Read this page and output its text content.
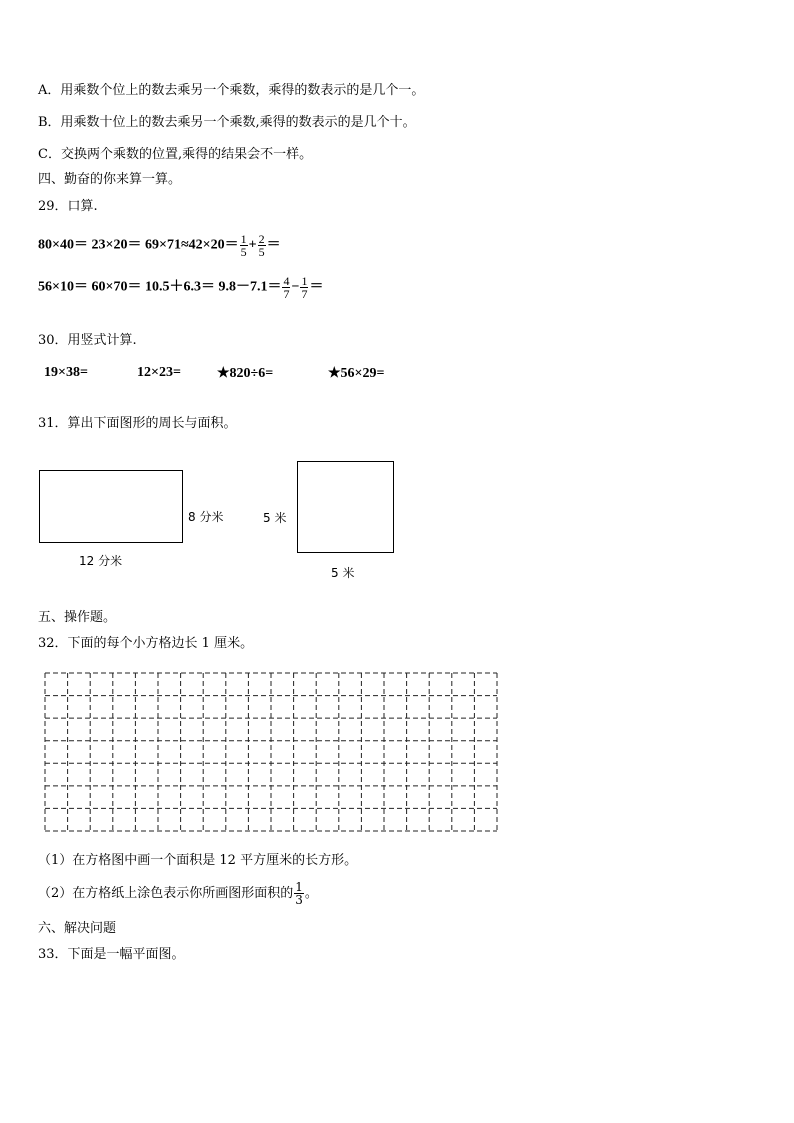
A．用乘数个位上的数去乘另一个乘数，乘得的数表示的是几个一。
B．用乘数十位上的数去乘另一个乘数,乘得的数表示的是几个十。
C．交换两个乘数的位置,乘得的结果会不一样。
四、勤奋的你来算一算。
29．口算.
$80\times 40= 23\times 20= 69\times 71\approx 42\times 20= \frac{1}{5} + \frac{2}{5}$ ＝
$56\times 10= 60\times 70= 10.5+6.3= 9.8-7.1= \frac{4}{7} - \frac{1}{7}$ ＝
30．用竖式计算.
19×38=	12×23=	★820÷6=	★56×29=
31．算出下面图形的周长与面积。
8 分米
12 分米
5 米
5 米
五、操作题。
32．下面的每个小方格边长 1 厘米。
（1）在方格图中画一个面积是 12 平方厘米的长方形。
（2）在方格纸上涂色表示你所画图形面积的 $\frac{1}{3}$ 。
六、解决问题
33．下面是一幅平面图。
